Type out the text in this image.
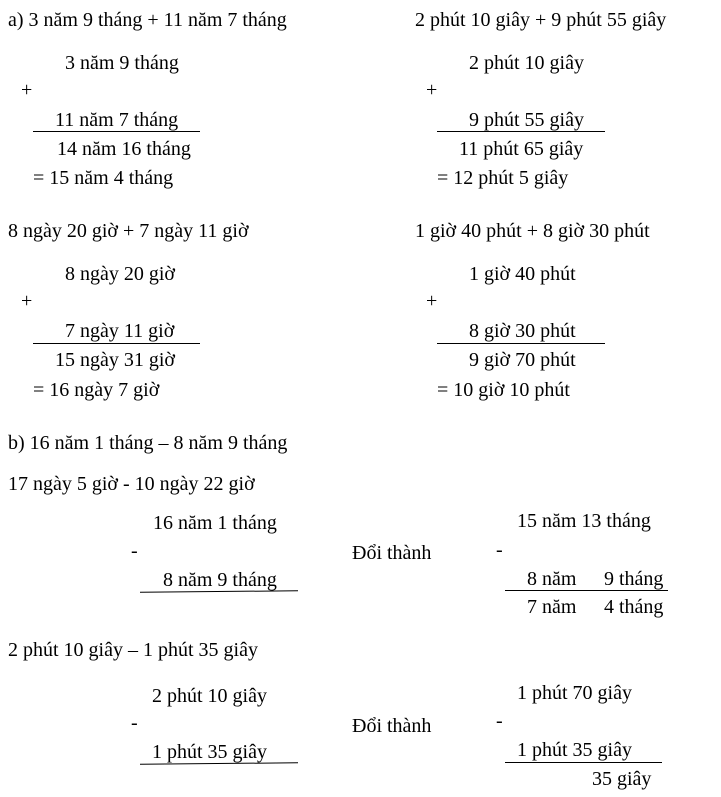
a) 3 năm 9 tháng + 11 năm 7 tháng
3 năm 9 tháng
+
11 năm 7 tháng
14 năm 16 tháng
= 15 năm 4 tháng
2 phút 10 giây + 9 phút 55 giây
2 phút 10 giây
+
9 phút 55 giây
11 phút 65 giây
= 12 phút 5 giây
8 ngày 20 giờ + 7 ngày 11 giờ
8 ngày 20 giờ
+
7 ngày 11 giờ
15 ngày 31 giờ
= 16 ngày 7 giờ
1 giờ 40 phút + 8 giờ 30 phút
1 giờ 40 phút
+
8 giờ 30 phút
9 giờ 70 phút
= 10 giờ 10 phút
b) 16 năm 1 tháng – 8 năm 9 tháng
17 ngày 5 giờ - 10 ngày 22 giờ
16 năm 1 tháng
-
8 năm 9 tháng
Đổi thành
15 năm 13 tháng
-
8 năm 9 tháng
7 năm 4 tháng
2 phút 10 giây – 1 phút 35 giây
2 phút 10 giây
-
1 phút 35 giây
Đổi thành
1 phút 70 giây
-
1 phút 35 giây
35 giây
